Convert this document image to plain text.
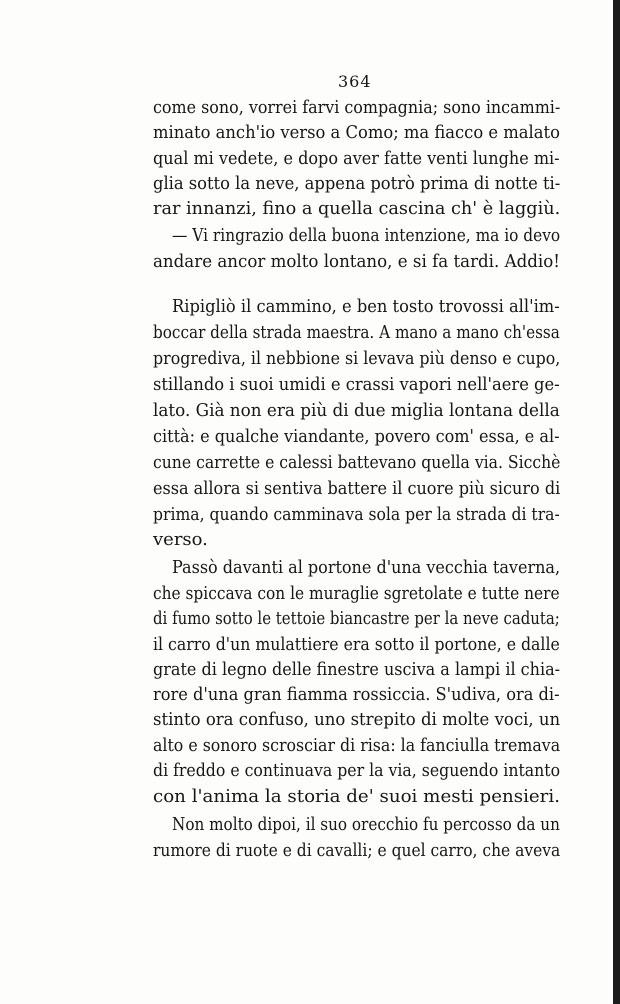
364
come sono, vorrei farvi compagnia; sono incammi-
minato anch'io verso a Como; ma fiacco e malato
qual mi vedete, e dopo aver fatte venti lunghe mi-
glia sotto la neve, appena potrò prima di notte ti-
rar innanzi, fino a quella cascina ch' è laggiù.
— Vi ringrazio della buona intenzione, ma io devo
andare ancor molto lontano, e si fa tardi. Addio!
Ripigliò il cammino, e ben tosto trovossi all'im-
boccar della strada maestra. A mano a mano ch'essa
progrediva, il nebbione si levava più denso e cupo,
stillando i suoi umidi e crassi vapori nell'aere ge-
lato. Già non era più di due miglia lontana della
città: e qualche viandante, povero com' essa, e al-
cune carrette e calessi battevano quella via. Sicchè
essa allora si sentiva battere il cuore più sicuro di
prima, quando camminava sola per la strada di tra-
verso.
Passò davanti al portone d'una vecchia taverna,
che spiccava con le muraglie sgretolate e tutte nere
di fumo sotto le tettoie biancastre per la neve caduta;
il carro d'un mulattiere era sotto il portone, e dalle
grate di legno delle finestre usciva a lampi il chia-
rore d'una gran fiamma rossiccia. S'udiva, ora di-
stinto ora confuso, uno strepito di molte voci, un
alto e sonoro scrosciar di risa: la fanciulla tremava
di freddo e continuava per la via, seguendo intanto
con l'anima la storia de' suoi mesti pensieri.
Non molto dipoi, il suo orecchio fu percosso da un
rumore di ruote e di cavalli; e quel carro, che aveva
